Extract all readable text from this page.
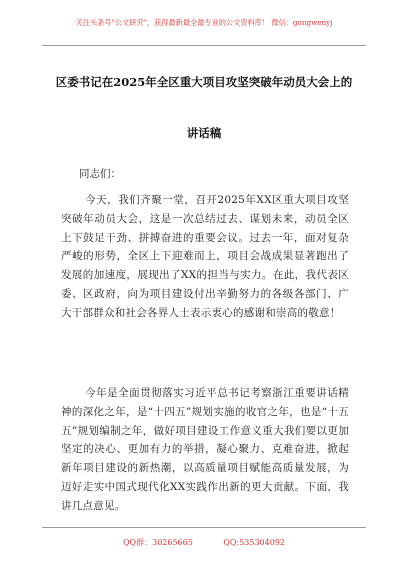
关注头条号"公文研究"，获得最新最全最专业的公文资料库！ 微信：gongwenyj
区委书记在2025年全区重大项目攻坚突破年动员大会上的
讲话稿
同志们：
今天，我们齐聚一堂，召开2025年XX区重大项目攻坚突破年动员大会，这是一次总结过去、谋划未来，动员全区上下鼓足干劲、拼搏奋进的重要会议。过去一年，面对复杂严峻的形势，全区上下迎难而上，项目会战成果显著跑出了发展的加速度，展现出了XX的担当与实力。在此，我代表区委、区政府，向为项目建设付出辛勤努力的各级各部门、广大干部群众和社会各界人士表示衷心的感谢和崇高的敬意！
今年是全面贯彻落实习近平总书记考察浙江重要讲话精神的深化之年，是“十四五”规划实施的收官之年，也是“十五五”规划编制之年，做好项目建设工作意义重大我们要以更加坚定的决心、更加有力的举措，凝心聚力、克难奋进，掀起新年项目建设的新热潮，以高质量项目赋能高质量发展，为迈好走实中国式现代化XX实践作出新的更大贡献。下面，我讲几点意见。
QQ群：30265665	QQ:535304092
